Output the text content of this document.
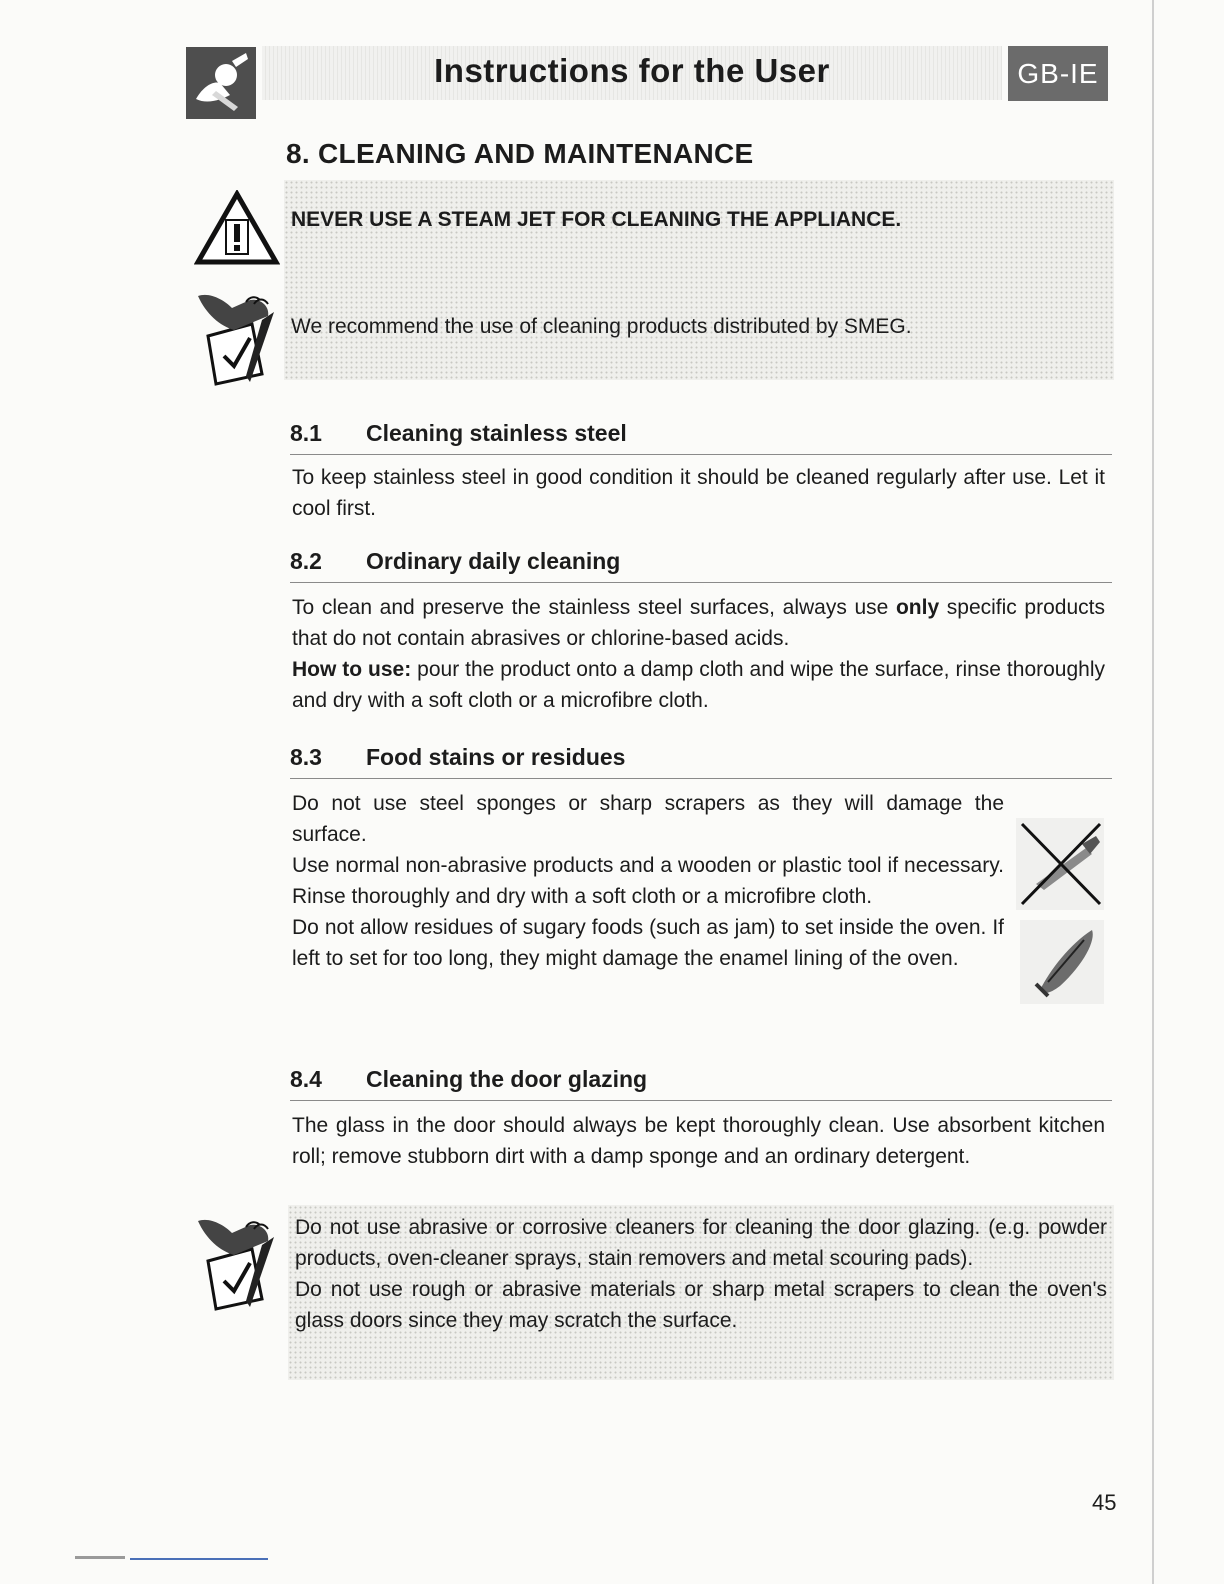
Instructions for the User	GB-IE
8. CLEANING AND MAINTENANCE
NEVER USE A STEAM JET FOR CLEANING THE APPLIANCE.
We recommend the use of cleaning products distributed by SMEG.
8.1 Cleaning stainless steel

To keep stainless steel in good condition it should be cleaned regularly after use. Let it cool first.

8.2 Ordinary daily cleaning

To clean and preserve the stainless steel surfaces, always use only specific products that do not contain abrasives or chlorine-based acids.

How to use: pour the product onto a damp cloth and wipe the surface, rinse thoroughly and dry with a soft cloth or a microfibre cloth.

8.3 Food stains or residues

Do not use steel sponges or sharp scrapers as they will damage the surface.

Use normal non-abrasive products and a wooden or plastic tool if necessary. Rinse thoroughly and dry with a soft cloth or a microfibre cloth.

Do not allow residues of sugary foods (such as jam) to set inside the oven. If left to set for too long, they might damage the enamel lining of the oven.

8.4 Cleaning the door glazing

The glass in the door should always be kept thoroughly clean. Use absorbent kitchen roll; remove stubborn dirt with a damp sponge and an ordinary detergent.

Do not use abrasive or corrosive cleaners for cleaning the door glazing. (e.g. powder products, oven-cleaner sprays, stain removers and metal scouring pads).

Do not use rough or abrasive materials or sharp metal scrapers to clean the oven's glass doors since they may scratch the surface.

45
